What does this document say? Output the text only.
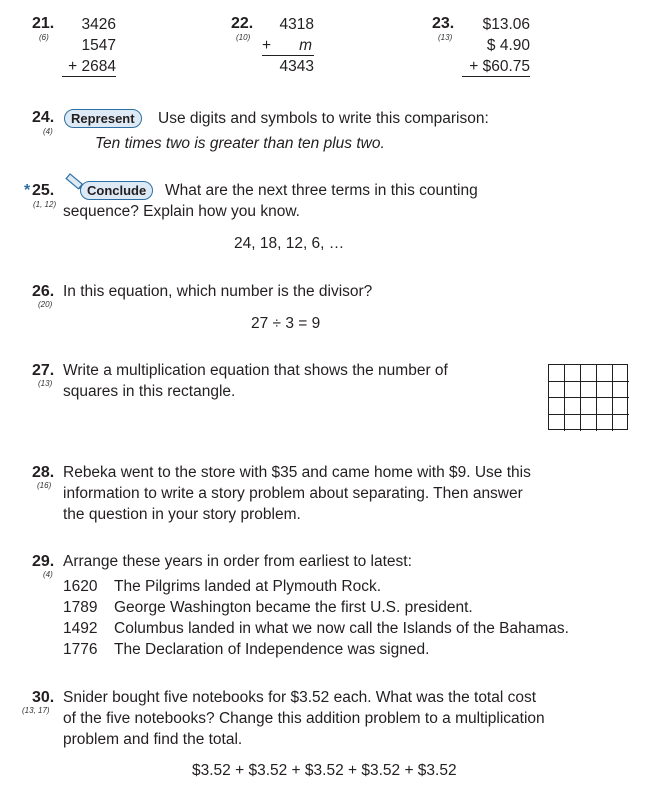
21.
(6)
3426
1547
+ 2684
22.
(10)
4318
+ m
4343
23.
(13)
$13.06
$ 4.90
+ $60.75
24.
(4)
Represent	Use digits and symbols to write this comparison:
Ten times two is greater than ten plus two.
* 25.
(1, 12)
Conclude	What are the next three terms in this counting
sequence? Explain how you know.
24, 18, 12, 6, …
26.
(20)
In this equation, which number is the divisor?
27 ÷ 3 = 9
27.
(13)
Write a multiplication equation that shows the number of
squares in this rectangle.
28.
(16)
Rebeka went to the store with $35 and came home with $9. Use this
information to write a story problem about separating. Then answer
the question in your story problem.
29.
(4)
Arrange these years in order from earliest to latest:
1620 The Pilgrims landed at Plymouth Rock.
1789 George Washington became the first U.S. president.
1492 Columbus landed in what we now call the Islands of the Bahamas.
1776 The Declaration of Independence was signed.
30.
(13, 17)
Snider bought five notebooks for $3.52 each. What was the total cost
of the five notebooks? Change this addition problem to a multiplication
problem and find the total.
$3.52 + $3.52 + $3.52 + $3.52 + $3.52
